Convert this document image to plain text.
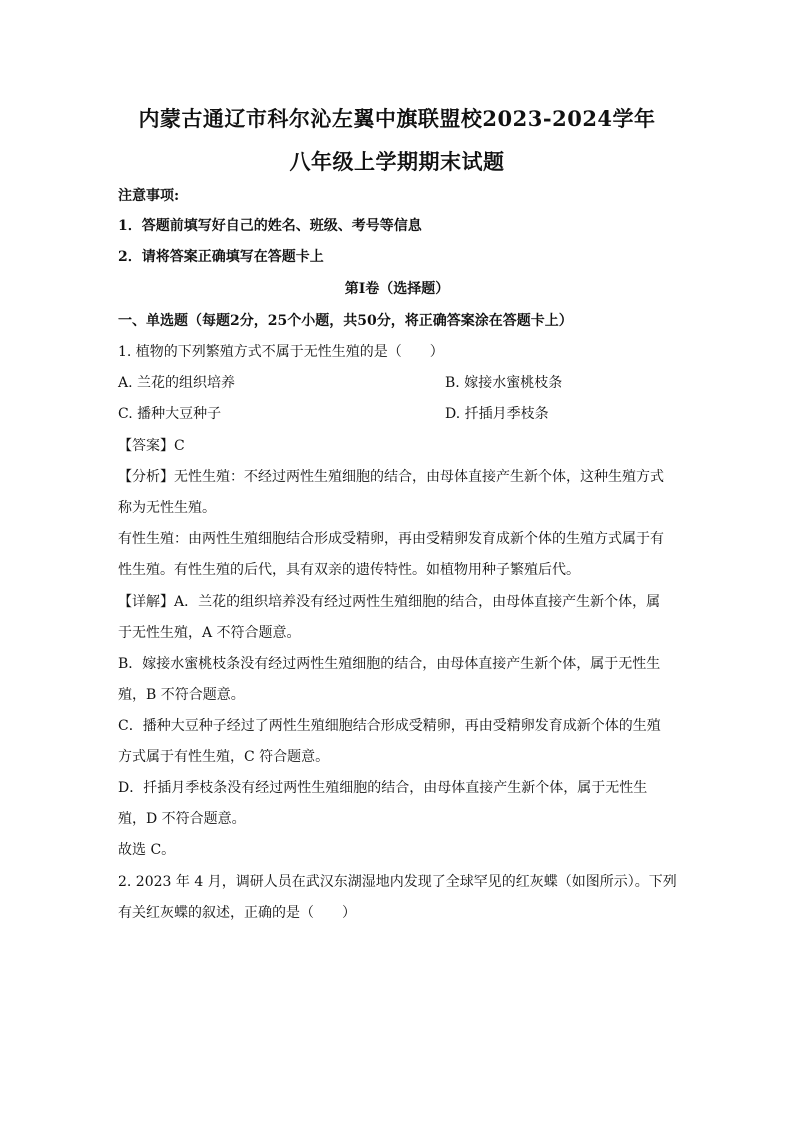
内蒙古通辽市科尔沁左翼中旗联盟校2023-2024学年
八年级上学期期末试题
注意事项:
1．答题前填写好自己的姓名、班级、考号等信息
2．请将答案正确填写在答题卡上
第I卷（选择题）
一、单选题（每题2分，25个小题，共50分，将正确答案涂在答题卡上）
1. 植物的下列繁殖方式不属于无性生殖的是（　　）
A. 兰花的组织培养	B. 嫁接水蜜桃枝条
C. 播种大豆种子	D. 扦插月季枝条
【答案】C
【分析】无性生殖：不经过两性生殖细胞的结合，由母体直接产生新个体，这种生殖方式
称为无性生殖。
有性生殖：由两性生殖细胞结合形成受精卵，再由受精卵发育成新个体的生殖方式属于有
性生殖。有性生殖的后代，具有双亲的遗传特性。如植物用种子繁殖后代。
【详解】A．兰花的组织培养没有经过两性生殖细胞的结合，由母体直接产生新个体，属
于无性生殖，A 不符合题意。
B．嫁接水蜜桃枝条没有经过两性生殖细胞的结合，由母体直接产生新个体，属于无性生
殖，B 不符合题意。
C．播种大豆种子经过了两性生殖细胞结合形成受精卵，再由受精卵发育成新个体的生殖
方式属于有性生殖，C 符合题意。
D．扦插月季枝条没有经过两性生殖细胞的结合，由母体直接产生新个体，属于无性生
殖，D 不符合题意。
故选 C。
2. 2023 年 4 月，调研人员在武汉东湖湿地内发现了全球罕见的红灰蝶（如图所示）。下列
有关红灰蝶的叙述，正确的是（　　）
